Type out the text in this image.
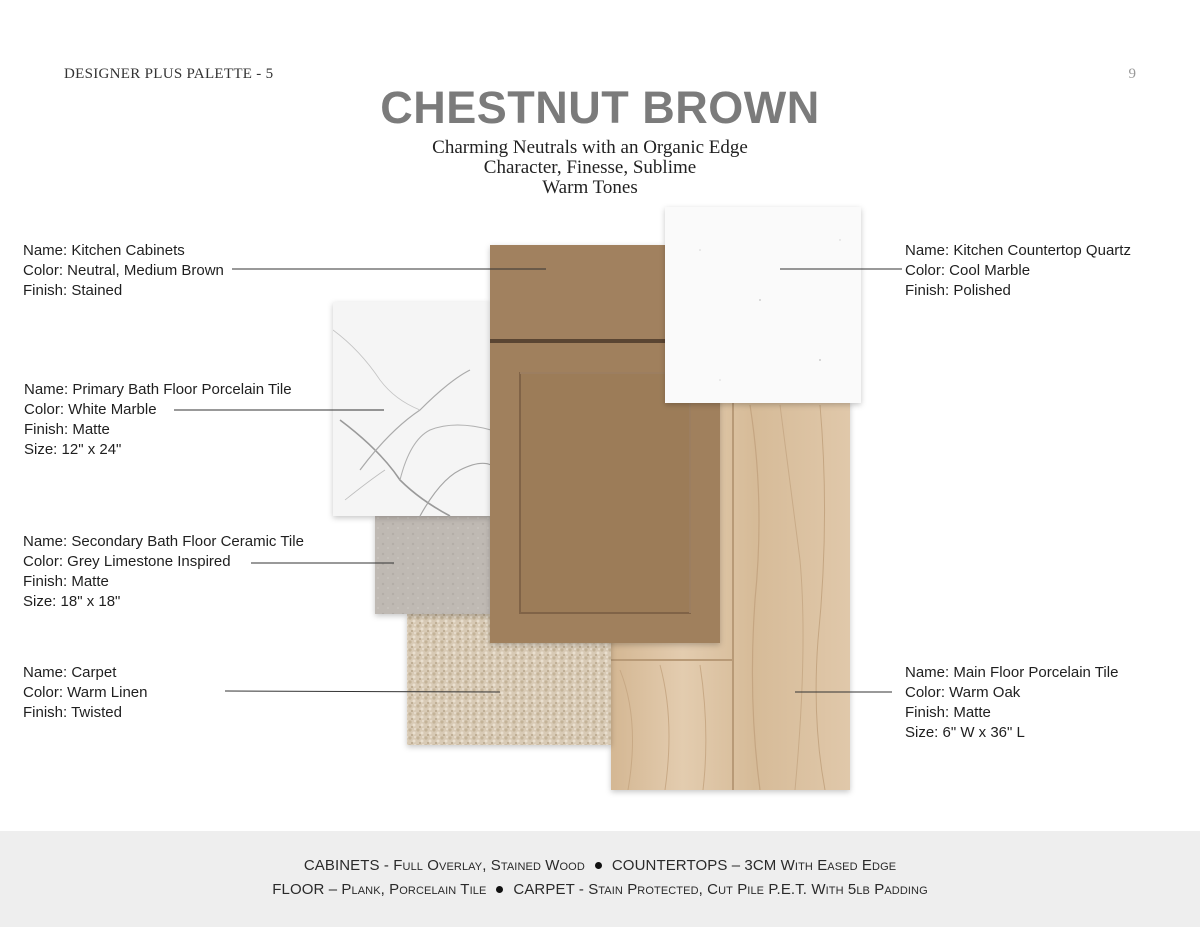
DESIGNER PLUS PALETTE - 5	9
CHESTNUT BROWN
Charming Neutrals with an Organic Edge
Character, Finesse, Sublime
Warm Tones
Name: Kitchen Cabinets
Color: Neutral, Medium Brown
Finish: Stained
Name: Kitchen Countertop Quartz
Color: Cool Marble
Finish: Polished
Name: Primary Bath Floor Porcelain Tile
Color: White Marble
Finish: Matte
Size: 12" x 24"
Name: Secondary Bath Floor Ceramic Tile
Color: Grey Limestone Inspired
Finish: Matte
Size: 18" x 18"
Name: Carpet
Color: Warm Linen
Finish: Twisted
Name: Main Floor Porcelain Tile
Color: Warm Oak
Finish: Matte
Size: 6" W x 36" L
CABINETS - Full Overlay, Stained Wood COUNTERTOPS – 3CM With Eased Edge
FLOOR – Plank, Porcelain Tile CARPET - Stain Protected, Cut Pile P.E.T. With 5lb Padding
